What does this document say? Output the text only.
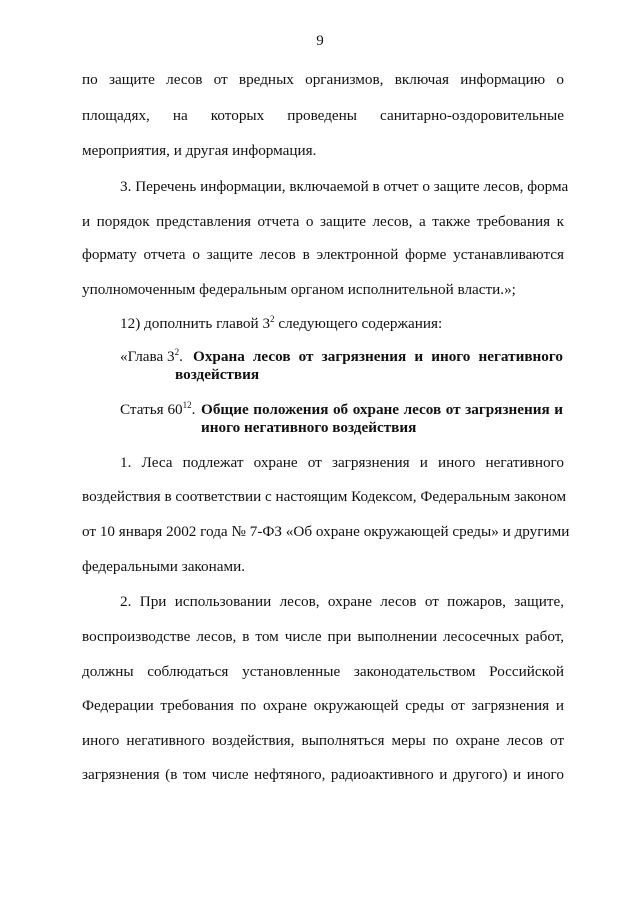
9
по защите лесов от вредных организмов, включая информацию о
площадях, на которых проведены санитарно-оздоровительные
мероприятия, и другая информация.
3. Перечень информации, включаемой в отчет о защите лесов, форма
и порядок представления отчета о защите лесов, а также требования к
формату отчета о защите лесов в электронной форме устанавливаются
уполномоченным федеральным органом исполнительной власти.»;
12) дополнить главой $3^2$ следующего содержания:
«Глава $3^2$. Охрана лесов от загрязнения и иного негативного
воздействия
Статья $60^{12}$. Общие положения об охране лесов от загрязнения и
иного негативного воздействия
1. Леса подлежат охране от загрязнения и иного негативного
воздействия в соответствии с настоящим Кодексом, Федеральным законом
от 10 января 2002 года № 7-ФЗ «Об охране окружающей среды» и другими
федеральными законами.
2. При использовании лесов, охране лесов от пожаров, защите,
воспроизводстве лесов, в том числе при выполнении лесосечных работ,
должны соблюдаться установленные законодательством Российской
Федерации требования по охране окружающей среды от загрязнения и
иного негативного воздействия, выполняться меры по охране лесов от
загрязнения (в том числе нефтяного, радиоактивного и другого) и иного
